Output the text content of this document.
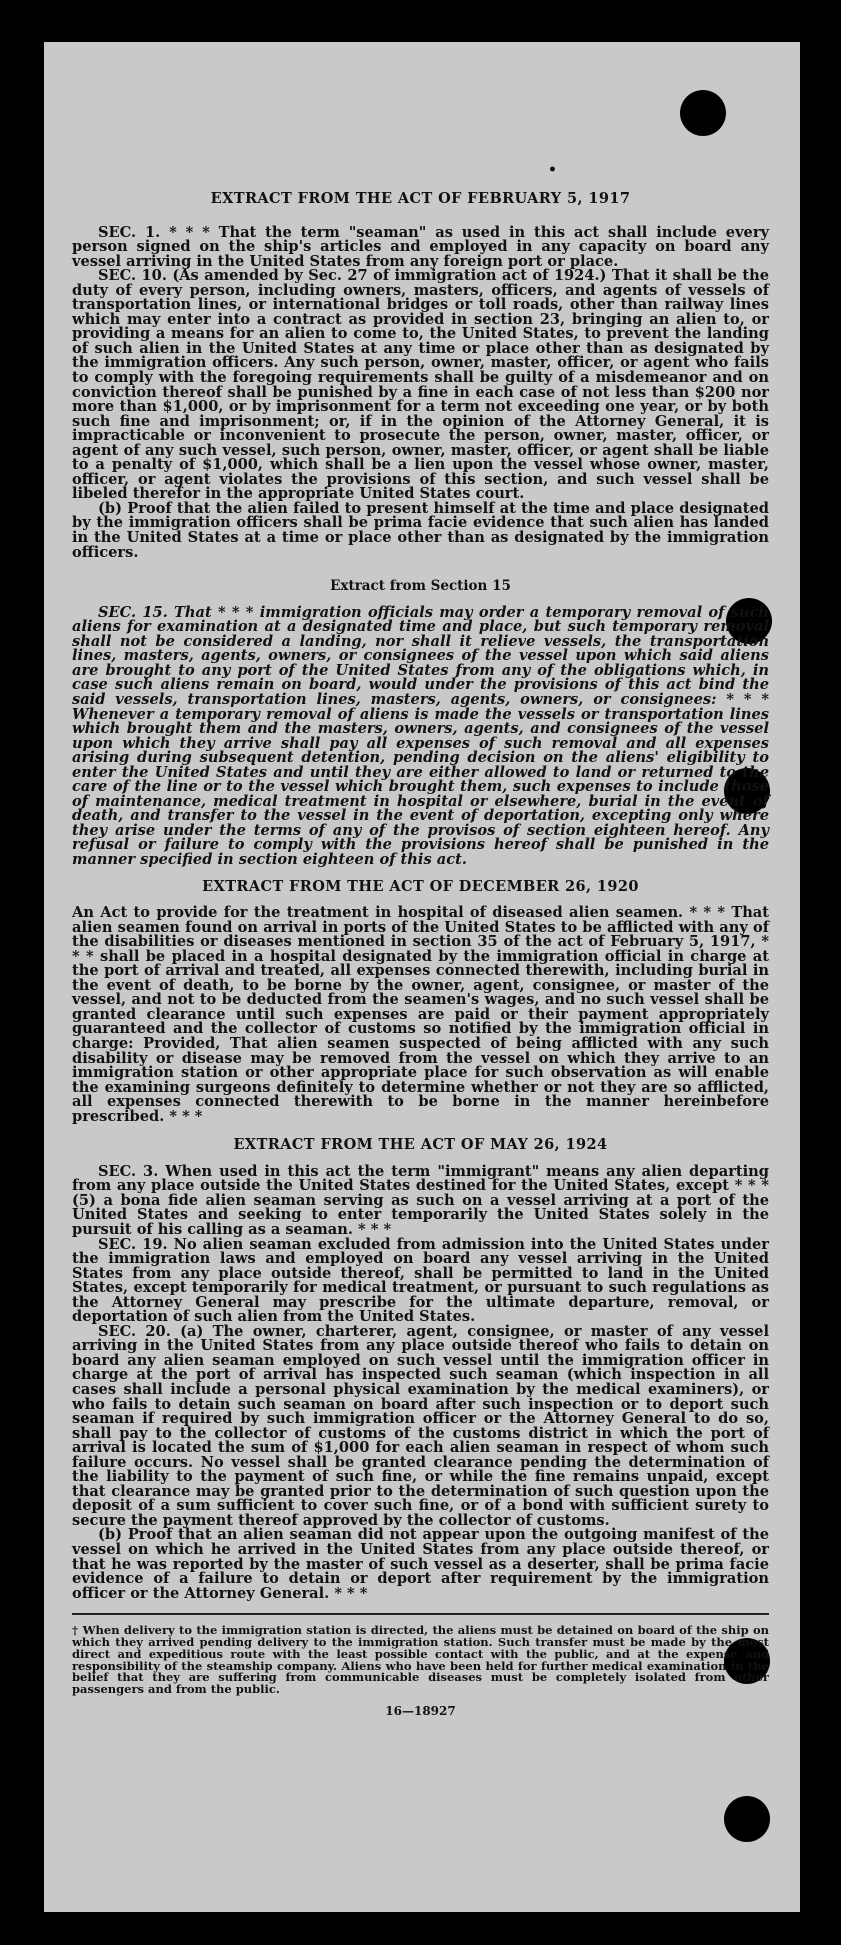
•

EXTRACT FROM THE ACT OF FEBRUARY 5, 1917

SEC. 1. * * * That the term "seaman" as used in this act shall include every person signed on the ship's articles and employed in any capacity on board any vessel arriving in the United States from any foreign port or place.

SEC. 10. (As amended by Sec. 27 of immigration act of 1924.) That it shall be the duty of every person, including owners, masters, officers, and agents of vessels of transportation lines, or international bridges or toll roads, other than railway lines which may enter into a contract as provided in section 23, bringing an alien to, or providing a means for an alien to come to, the United States, to prevent the landing of such alien in the United States at any time or place other than as designated by the immigration officers. Any such person, owner, master, officer, or agent who fails to comply with the foregoing requirements shall be guilty of a misdemeanor and on conviction thereof shall be punished by a fine in each case of not less than $200 nor more than $1,000, or by imprisonment for a term not exceeding one year, or by both such fine and imprisonment; or, if in the opinion of the Attorney General, it is impracticable or inconvenient to prosecute the person, owner, master, officer, or agent of any such vessel, such person, owner, master, officer, or agent shall be liable to a penalty of $1,000, which shall be a lien upon the vessel whose owner, master, officer, or agent violates the provisions of this section, and such vessel shall be libeled therefor in the appropriate United States court.

(b) Proof that the alien failed to present himself at the time and place designated by the immigration officers shall be prima facie evidence that such alien has landed in the United States at a time or place other than as designated by the immigration officers.

Extract from Section 15

SEC. 15. That * * * immigration officials may order a temporary removal of such aliens for examination at a designated time and place, but such temporary removal shall not be considered a landing, nor shall it relieve vessels, the transportation lines, masters, agents, owners, or consignees of the vessel upon which said aliens are brought to any port of the United States from any of the obligations which, in case such aliens remain on board, would under the provisions of this act bind the said vessels, transportation lines, masters, agents, owners, or consignees: * * * Whenever a temporary removal of aliens is made the vessels or transportation lines which brought them and the masters, owners, agents, and consignees of the vessel upon which they arrive shall pay all expenses of such removal and all expenses arising during subsequent detention, pending decision on the aliens' eligibility to enter the United States and until they are either allowed to land or returned to the care of the line or to the vessel which brought them, such expenses to include those of maintenance, medical treatment in hospital or elsewhere, burial in the event of death, and transfer to the vessel in the event of deportation, excepting only where they arise under the terms of any of the provisos of section eighteen hereof. Any refusal or failure to comply with the provisions hereof shall be punished in the manner specified in section eighteen of this act.

EXTRACT FROM THE ACT OF DECEMBER 26, 1920

An Act to provide for the treatment in hospital of diseased alien seamen. * * * That alien seamen found on arrival in ports of the United States to be afflicted with any of the disabilities or diseases mentioned in section 35 of the act of February 5, 1917, * * * shall be placed in a hospital designated by the immigration official in charge at the port of arrival and treated, all expenses connected therewith, including burial in the event of death, to be borne by the owner, agent, consignee, or master of the vessel, and not to be deducted from the seamen's wages, and no such vessel shall be granted clearance until such expenses are paid or their payment appropriately guaranteed and the collector of customs so notified by the immigration official in charge: Provided, That alien seamen suspected of being afflicted with any such disability or disease may be removed from the vessel on which they arrive to an immigration station or other appropriate place for such observation as will enable the examining surgeons definitely to determine whether or not they are so afflicted, all expenses connected therewith to be borne in the manner hereinbefore prescribed. * * *

EXTRACT FROM THE ACT OF MAY 26, 1924

SEC. 3. When used in this act the term "immigrant" means any alien departing from any place outside the United States destined for the United States, except * * * (5) a bona fide alien seaman serving as such on a vessel arriving at a port of the United States and seeking to enter temporarily the United States solely in the pursuit of his calling as a seaman. * * *

SEC. 19. No alien seaman excluded from admission into the United States under the immigration laws and employed on board any vessel arriving in the United States from any place outside thereof, shall be permitted to land in the United States, except temporarily for medical treatment, or pursuant to such regulations as the Attorney General may prescribe for the ultimate departure, removal, or deportation of such alien from the United States.

SEC. 20. (a) The owner, charterer, agent, consignee, or master of any vessel arriving in the United States from any place outside thereof who fails to detain on board any alien seaman employed on such vessel until the immigration officer in charge at the port of arrival has inspected such seaman (which inspection in all cases shall include a personal physical examination by the medical examiners), or who fails to detain such seaman on board after such inspection or to deport such seaman if required by such immigration officer or the Attorney General to do so, shall pay to the collector of customs of the customs district in which the port of arrival is located the sum of $1,000 for each alien seaman in respect of whom such failure occurs. No vessel shall be granted clearance pending the determination of the liability to the payment of such fine, or while the fine remains unpaid, except that clearance may be granted prior to the determination of such question upon the deposit of a sum sufficient to cover such fine, or of a bond with sufficient surety to secure the payment thereof approved by the collector of customs.

(b) Proof that an alien seaman did not appear upon the outgoing manifest of the vessel on which he arrived in the United States from any place outside thereof, or that he was reported by the master of such vessel as a deserter, shall be prima facie evidence of a failure to detain or deport after requirement by the immigration officer or the Attorney General. * * *

† When delivery to the immigration station is directed, the aliens must be detained on board of the ship on which they arrived pending delivery to the immigration station. Such transfer must be made by the most direct and expeditious route with the least possible contact with the public, and at the expense and responsibility of the steamship company. Aliens who have been held for further medical examination in the belief that they are suffering from communicable diseases must be completely isolated from other passengers and from the public.

16—18927
